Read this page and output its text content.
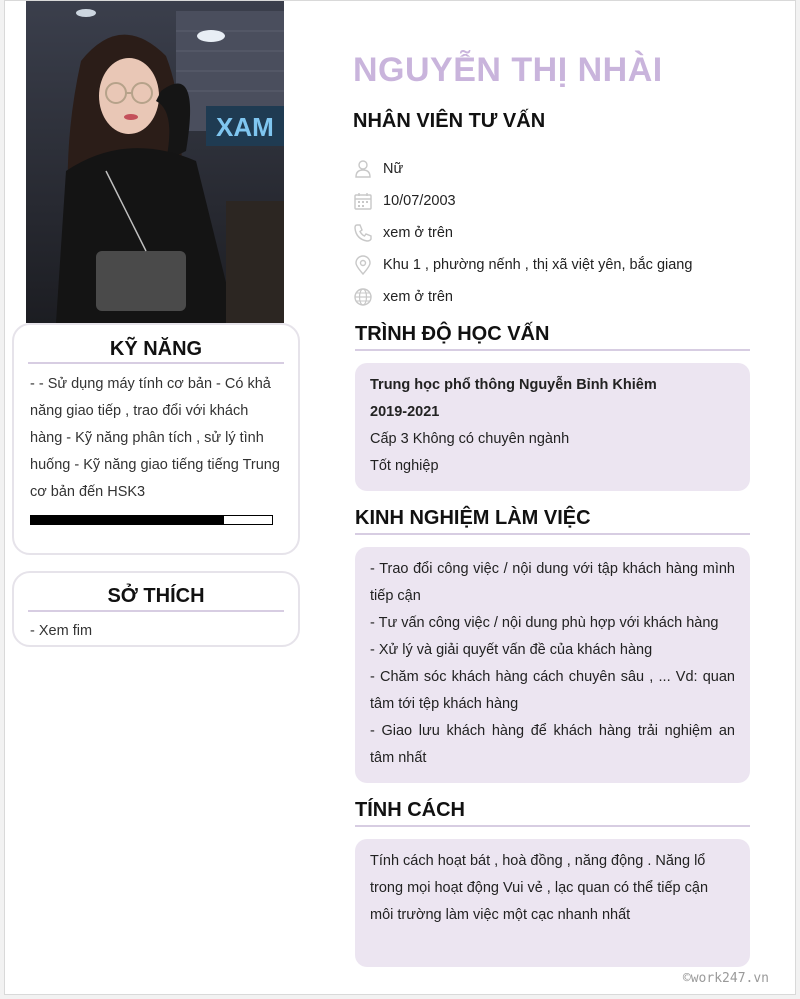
XAM
KỸ NĂNG
- - Sử dụng máy tính cơ bản - Có khả năng giao tiếp , trao đổi với khách hàng - Kỹ năng phân tích , sử lý tình huống - Kỹ năng giao tiếng tiếng Trung cơ bản đến HSK3
SỞ THÍCH
- Xem fim
NGUYỄN THỊ NHÀI
NHÂN VIÊN TƯ VẤN
Nữ
10/07/2003
xem ở trên
Khu 1 , phường nếnh , thị xã việt yên, bắc giang
xem ở trên
TRÌNH ĐỘ HỌC VẤN
Trung học phổ thông Nguyễn Bỉnh Khiêm
2019-2021
Cấp 3 Không có chuyên ngành
Tốt nghiệp
KINH NGHIỆM LÀM VIỆC
- Trao đổi công việc / nội dung với tập khách hàng mình tiếp cận
- Tư vấn công việc / nội dung phù hợp với khách hàng
- Xử lý và giải quyết vấn đề của khách hàng
- Chăm sóc khách hàng cách chuyên sâu , ... Vd: quan tâm tới tệp khách hàng
- Giao lưu khách hàng để khách hàng trải nghiệm an tâm nhất
TÍNH CÁCH
Tính cách hoạt bát , hoà đồng , năng động . Năng lổ trong mọi hoạt động Vui vẻ , lạc quan có thể tiếp cận môi trường làm việc một cạc nhanh nhất
©work247.vn
